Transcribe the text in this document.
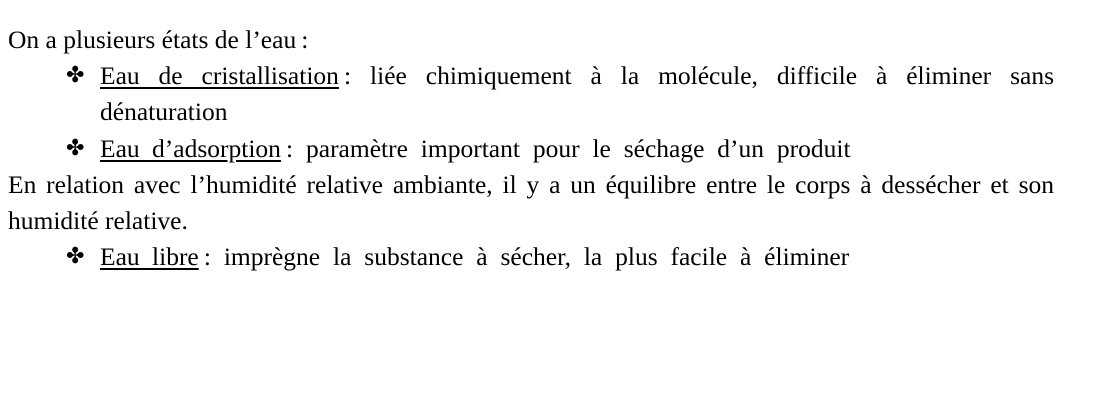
On a plusieurs états de l’eau :

✤ Eau de cristallisation : liée chimiquement à la molécule, difficile à éliminer sans dénaturation
✤ Eau d’adsorption : paramètre important pour le séchage d’un produit

En relation avec l’humidité relative ambiante, il y a un équilibre entre le corps à dessécher et son humidité relative.

✤ Eau libre : imprègne la substance à sécher, la plus facile à éliminer
